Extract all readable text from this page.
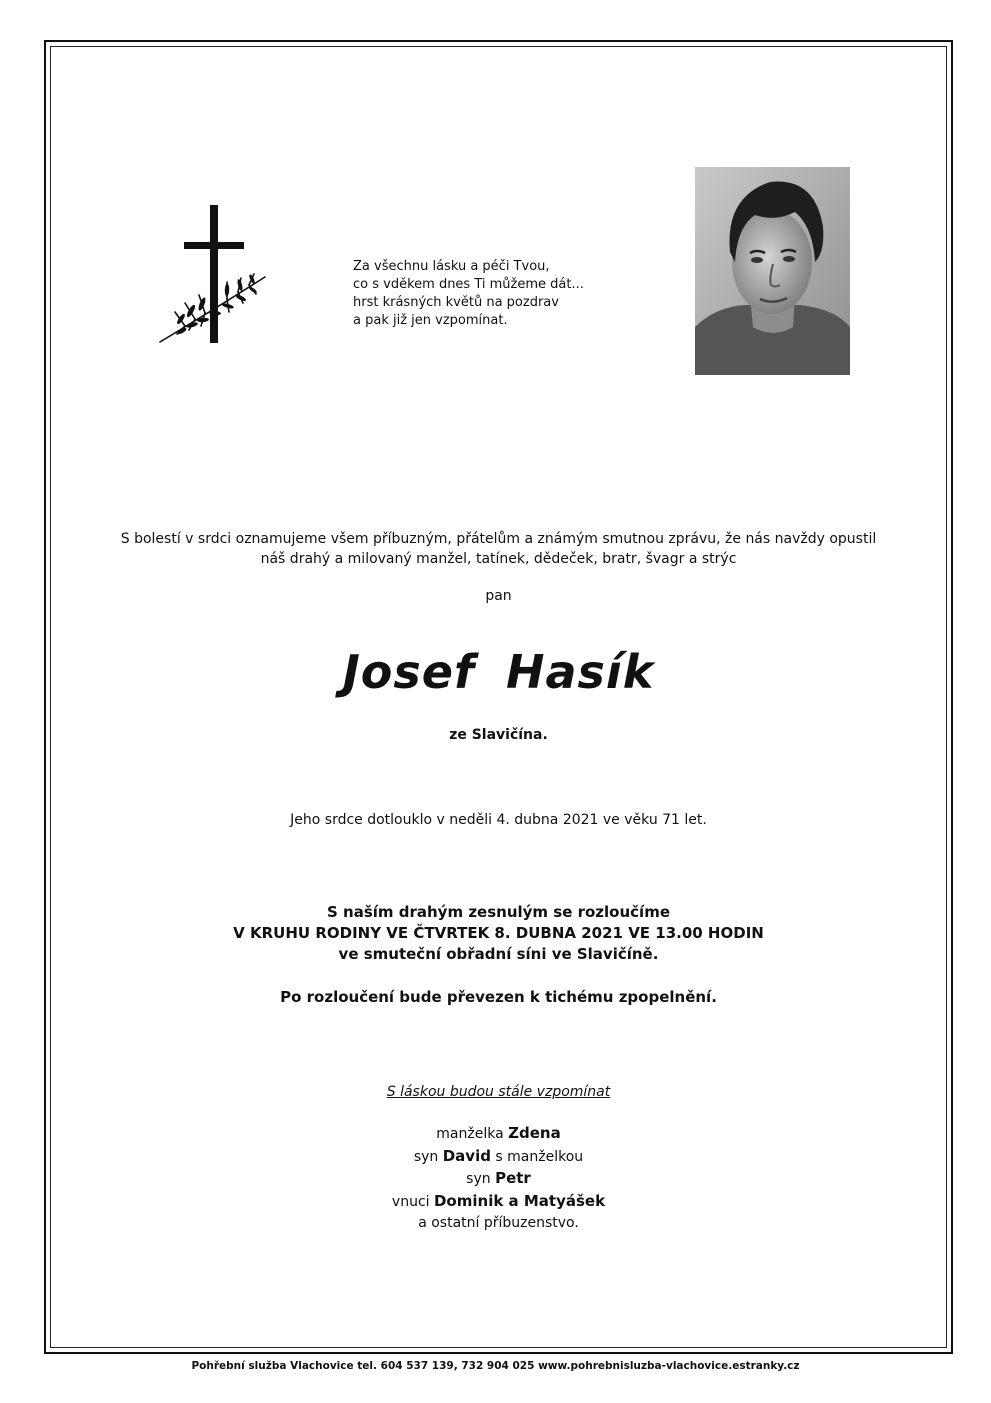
Za všechnu lásku a péči Tvou,
co s vděkem dnes Ti můžeme dát...
hrst krásných květů na pozdrav
a pak již jen vzpomínat.
S bolestí v srdci oznamujeme všem příbuzným, přátelům a známým smutnou zprávu, že nás navždy opustil
náš drahý a milovaný manžel, tatínek, dědeček, bratr, švagr a strýc
pan
Josef Hasík
ze Slavičína.
Jeho srdce dotlouklo v neděli 4. dubna 2021 ve věku 71 let.
S naším drahým zesnulým se rozloučíme
V KRUHU RODINY VE ČTVRTEK 8. DUBNA 2021 VE 13.00 HODIN
ve smuteční obřadní síni ve Slavičíně.
Po rozloučení bude převezen k tichému zpopelnění.
S láskou budou stále vzpomínat
manželka Zdena
syn David s manželkou
syn Petr
vnuci Dominik a Matyášek
a ostatní příbuzenstvo.
Pohřební služba Vlachovice tel. 604 537 139, 732 904 025 www.pohrebnisluzba-vlachovice.estranky.cz
